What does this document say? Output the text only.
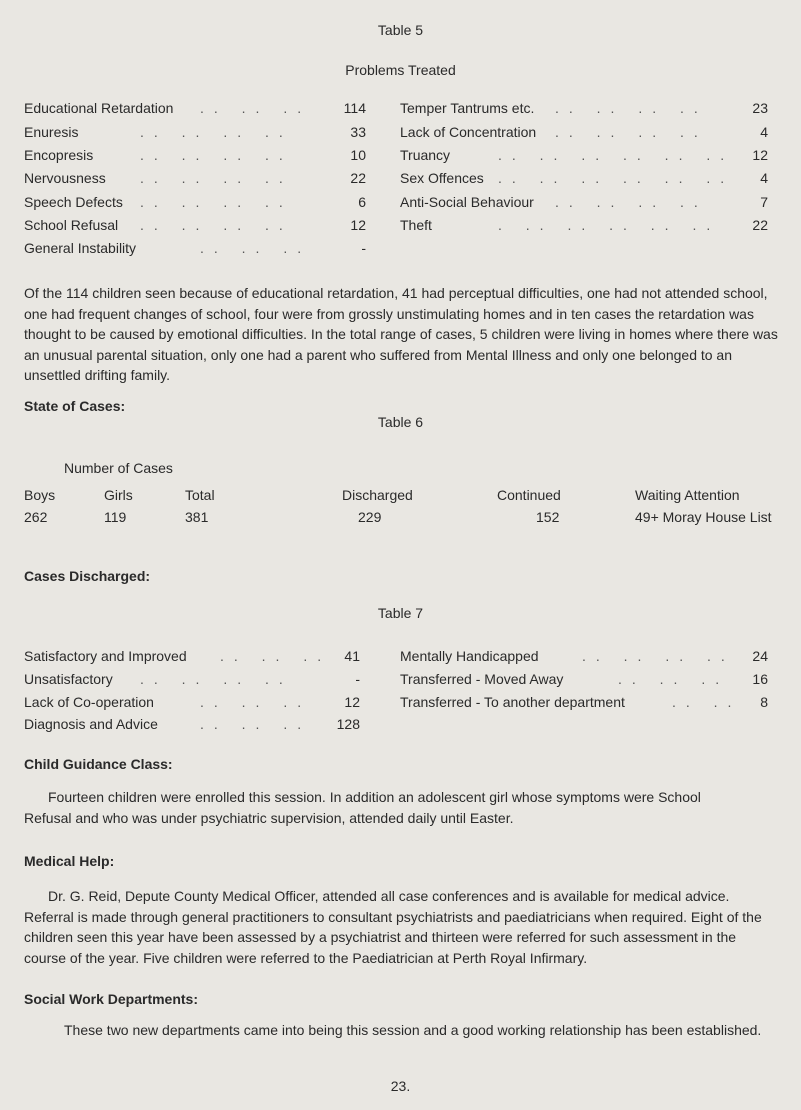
Table 5
Problems Treated
Educational Retardation .. .. .. 114
Enuresis	.. .. .. ..	33
Encopresis	.. .. .. ..	10
Nervousness .. .. .. ..	22
Speech Defects .. .. .. ..	6
School Refusal .. .. .. ..	12
General Instability	.. .. ..	-
Temper Tantrums etc. .. .. .. ..	23
Lack of Concentration .. .. .. ..	4
Truancy	.. .. .. .. .. .. 12
Sex Offences .. .. .. .. .. .. 4
Anti-Social Behaviour .. .. .. ..	7
Theft	. .. .. .. .. .. 22
Of the 114 children seen because of educational retardation, 41 had perceptual difficulties, one had not attended school, one had frequent changes of school, four were from grossly unstimulating homes and in ten cases the retardation was thought to be caused by emotional difficulties. In the total range of cases, 5 children were living in homes where there was an unusual parental situation, only one had a parent who suffered from Mental Illness and only one belonged to an unsettled drifting family.
State of Cases:
Table 6
Number of Cases
Boys	Girls	Total	Discharged	Continued	Waiting Attention
262	119	381	229	152	49+ Moray House List
Cases Discharged:
Table 7
Satisfactory and Improved .. .. .. 41
Unsatisfactory .. .. .. ..	-
Lack of Co-operation	.. .. .. 12
Diagnosis and Advice	.. .. .. 128
Mentally Handicapped	.. .. .. .. 24
Transferred - Moved Away	.. .. .. 16
Transferred - To another department	.. .. 8
Child Guidance Class:
Fourteen children were enrolled this session. In addition an adolescent girl whose symptoms were School Refusal and who was under psychiatric supervision, attended daily until Easter.
Medical Help:
Dr. G. Reid, Depute County Medical Officer, attended all case conferences and is available for medical advice. Referral is made through general practitioners to consultant psychiatrists and paediatricians when required. Eight of the children seen this year have been assessed by a psychiatrist and thirteen were referred for such assessment in the course of the year. Five children were referred to the Paediatrician at Perth Royal Infirmary.
Social Work Departments:
These two new departments came into being this session and a good working relationship has been established.
23.
